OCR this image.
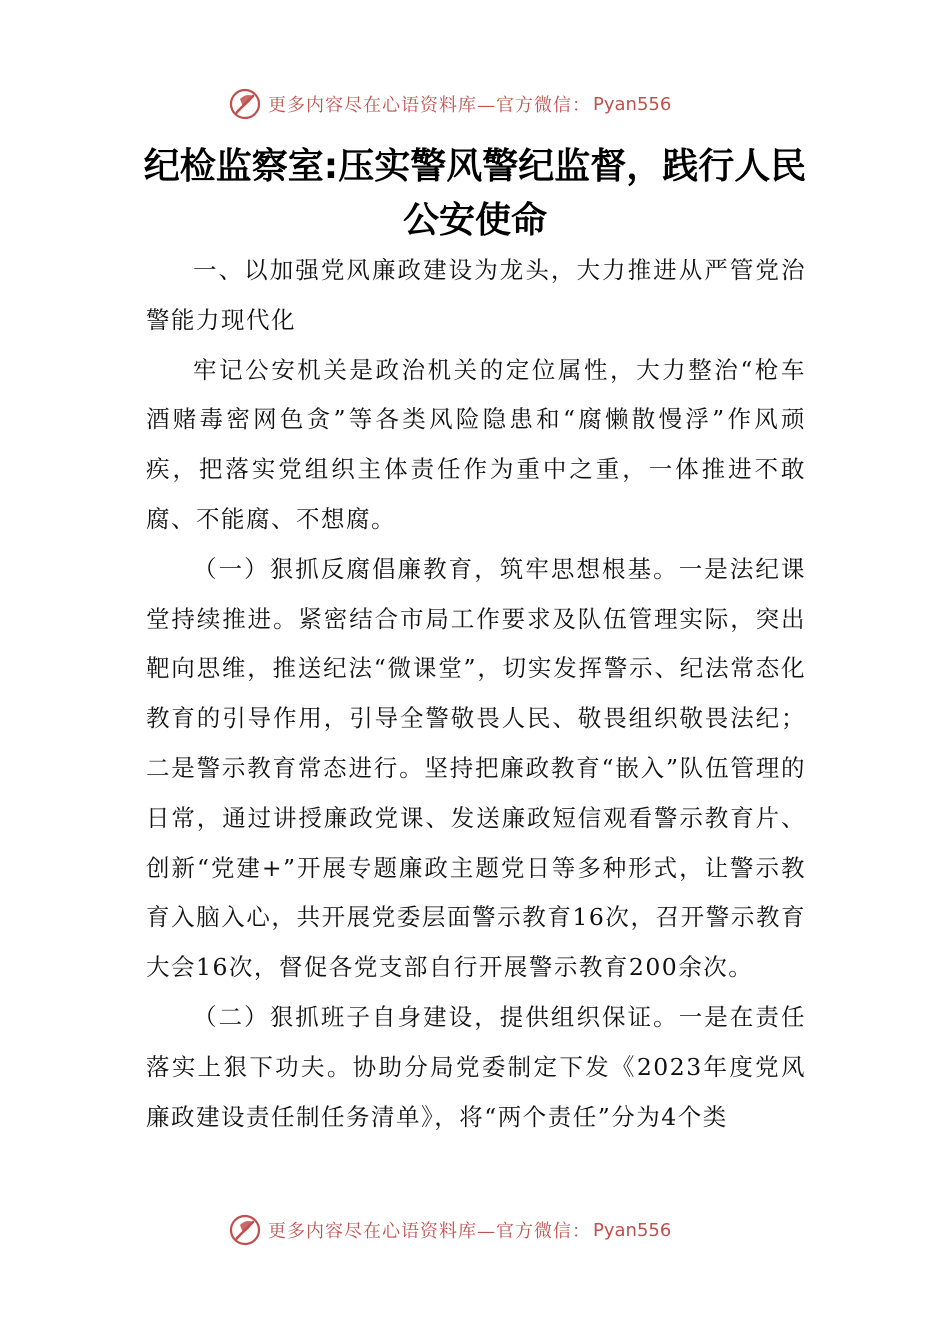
更多内容尽在心语资料库—官方微信： Pyan556
纪检监察室:压实警风警纪监督，践行人民公安使命

一、以加强党风廉政建设为龙头，大力推进从严管党治警能力现代化

牢记公安机关是政治机关的定位属性，大力整治“枪车酒赌毒密网色贪”等各类风险隐患和“腐懒散慢浮”作风顽疾，把落实党组织主体责任作为重中之重，一体推进不敢腐、不能腐、不想腐。

（一）狠抓反腐倡廉教育，筑牢思想根基。一是法纪课堂持续推进。紧密结合市局工作要求及队伍管理实际，突出靶向思维，推送纪法“微课堂”，切实发挥警示、纪法常态化教育的引导作用，引导全警敬畏人民、敬畏组织敬畏法纪；二是警示教育常态进行。坚持把廉政教育“嵌入”队伍管理的日常，通过讲授廉政党课、发送廉政短信观看警示教育片、创新“党建+”开展专题廉政主题党日等多种形式，让警示教育入脑入心，共开展党委层面警示教育16次，召开警示教育大会16次，督促各党支部自行开展警示教育200余次。

（二）狠抓班子自身建设，提供组织保证。一是在责任落实上狠下功夫。协助分局党委制定下发《2023年度党风廉政建设责任制任务清单》，将“两个责任”分为4个类

更多内容尽在心语资料库—官方微信： Pyan556
